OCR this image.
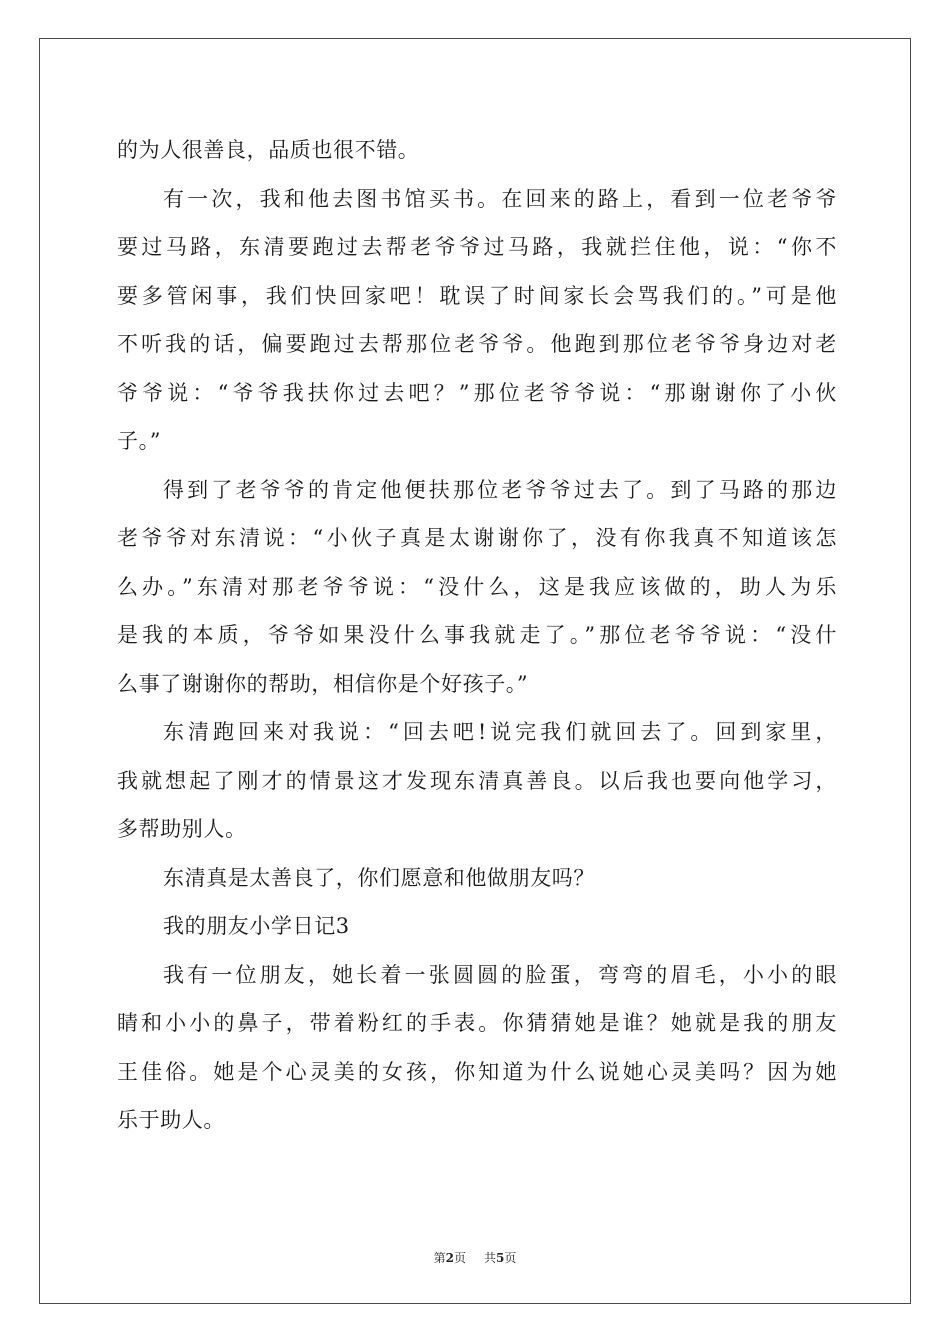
的为人很善良，品质也很不错。
有一次，我和他去图书馆买书。在回来的路上，看到一位老爷爷
要过马路，东清要跑过去帮老爷爷过马路，我就拦住他，说：“你不
要多管闲事，我们快回家吧！耽误了时间家长会骂我们的。”可是他
不听我的话，偏要跑过去帮那位老爷爷。他跑到那位老爷爷身边对老
爷爷说：“爷爷我扶你过去吧？”那位老爷爷说：“那谢谢你了小伙
子。”
得到了老爷爷的肯定他便扶那位老爷爷过去了。到了马路的那边
老爷爷对东清说：“小伙子真是太谢谢你了，没有你我真不知道该怎
么办。”东清对那老爷爷说：“没什么，这是我应该做的，助人为乐
是我的本质，爷爷如果没什么事我就走了。”那位老爷爷说：“没什
么事了谢谢你的帮助，相信你是个好孩子。”
东清跑回来对我说：“回去吧!说完我们就回去了。回到家里，
我就想起了刚才的情景这才发现东清真善良。以后我也要向他学习，
多帮助别人。
东清真是太善良了，你们愿意和他做朋友吗？
我的朋友小学日记3
我有一位朋友，她长着一张圆圆的脸蛋，弯弯的眉毛，小小的眼
睛和小小的鼻子，带着粉红的手表。你猜猜她是谁？她就是我的朋友
王佳俗。她是个心灵美的女孩，你知道为什么说她心灵美吗？因为她
乐于助人。
第2页 共5页
